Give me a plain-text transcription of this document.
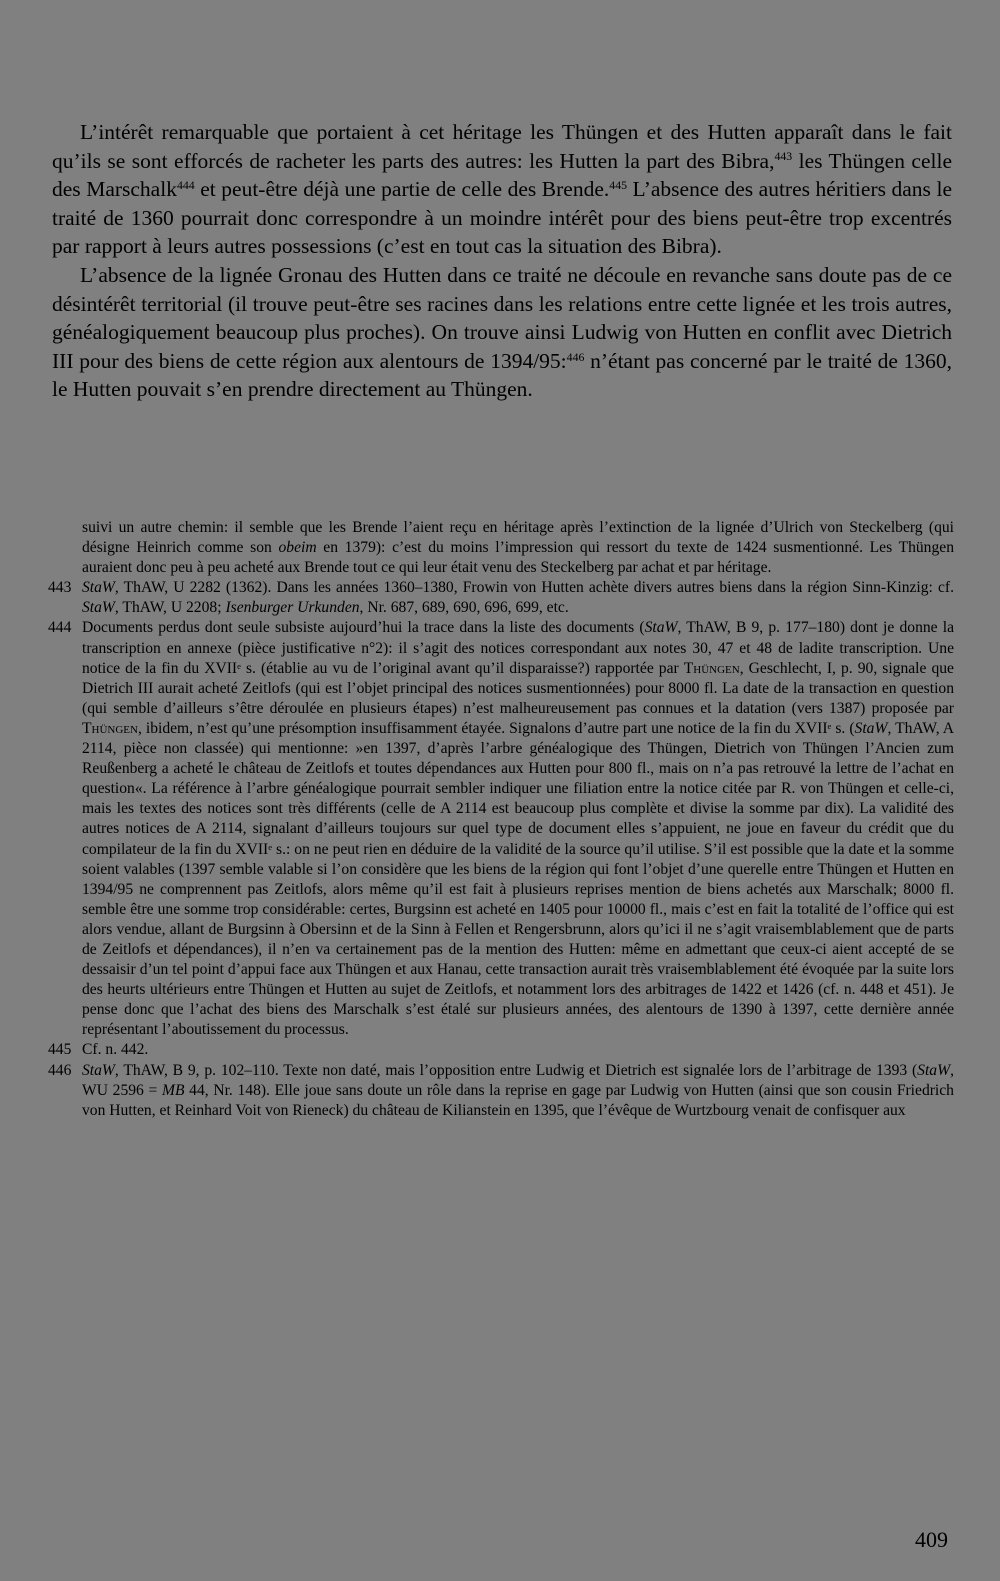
L’intérêt remarquable que portaient à cet héritage les Thüngen et des Hutten apparaît dans le fait qu’ils se sont efforcés de racheter les parts des autres: les Hutten la part des Bibra,$^{443}$ les Thüngen celle des Marschalk$^{444}$ et peut-être déjà une partie de celle des Brende.$^{445}$ L’absence des autres héritiers dans le traité de 1360 pourrait donc correspondre à un moindre intérêt pour des biens peut-être trop excentrés par rapport à leurs autres possessions (c’est en tout cas la situation des Bibra).

L’absence de la lignée Gronau des Hutten dans ce traité ne découle en revanche sans doute pas de ce désintérêt territorial (il trouve peut-être ses racines dans les relations entre cette lignée et les trois autres, généalogiquement beaucoup plus proches). On trouve ainsi Ludwig von Hutten en conflit avec Dietrich III pour des biens de cette région aux alentours de 1394/95:$^{446}$ n’étant pas concerné par le traité de 1360, le Hutten pouvait s’en prendre directement au Thüngen.

suivi un autre chemin: il semble que les Brende l’aient reçu en héritage après l’extinction de la lignée d’Ulrich von Steckelberg (qui désigne Heinrich comme son obeim en 1379): c’est du moins l’impression qui ressort du texte de 1424 susmentionné. Les Thüngen auraient donc peu à peu acheté aux Brende tout ce qui leur était venu des Steckelberg par achat et par héritage.

443 StaW, ThAW, U 2282 (1362). Dans les années 1360–1380, Frowin von Hutten achète divers autres biens dans la région Sinn-Kinzig: cf. StaW, ThAW, U 2208; Isenburger Urkunden, Nr. 687, 689, 690, 696, 699, etc.

444 Documents perdus dont seule subsiste aujourd’hui la trace dans la liste des documents (StaW, ThAW, B 9, p. 177–180) dont je donne la transcription en annexe (pièce justificative n°2): il s’agit des notices correspondant aux notes 30, 47 et 48 de ladite transcription. Une notice de la fin du XVIIe s. (établie au vu de l’original avant qu’il disparaisse?) rapportée par Thüngen, Geschlecht, I, p. 90, signale que Dietrich III aurait acheté Zeitlofs (qui est l’objet principal des notices susmentionnées) pour 8000 fl. La date de la transaction en question (qui semble d’ailleurs s’être déroulée en plusieurs étapes) n’est malheureusement pas connues et la datation (vers 1387) proposée par Thüngen, ibidem, n’est qu’une présomption insuffisamment étayée. Signalons d’autre part une notice de la fin du XVIIe s. (StaW, ThAW, A 2114, pièce non classée) qui mentionne: »en 1397, d’après l’arbre généalogique des Thüngen, Dietrich von Thüngen l’Ancien zum Reußenberg a acheté le château de Zeitlofs et toutes dépendances aux Hutten pour 800 fl., mais on n’a pas retrouvé la lettre de l’achat en question«. La référence à l’arbre généalogique pourrait sembler indiquer une filiation entre la notice citée par R. von Thüngen et celle-ci, mais les textes des notices sont très différents (celle de A 2114 est beaucoup plus complète et divise la somme par dix). La validité des autres notices de A 2114, signalant d’ailleurs toujours sur quel type de document elles s’appuient, ne joue en faveur du crédit que du compilateur de la fin du XVIIe s.: on ne peut rien en déduire de la validité de la source qu’il utilise. S’il est possible que la date et la somme soient valables (1397 semble valable si l’on considère que les biens de la région qui font l’objet d’une querelle entre Thüngen et Hutten en 1394/95 ne comprennent pas Zeitlofs, alors même qu’il est fait à plusieurs reprises mention de biens achetés aux Marschalk; 8000 fl. semble être une somme trop considérable: certes, Burgsinn est acheté en 1405 pour 10000 fl., mais c’est en fait la totalité de l’office qui est alors vendue, allant de Burgsinn à Obersinn et de la Sinn à Fellen et Rengersbrunn, alors qu’ici il ne s’agit vraisemblablement que de parts de Zeitlofs et dépendances), il n’en va certainement pas de la mention des Hutten: même en admettant que ceux-ci aient accepté de se dessaisir d’un tel point d’appui face aux Thüngen et aux Hanau, cette transaction aurait très vraisemblablement été évoquée par la suite lors des heurts ultérieurs entre Thüngen et Hutten au sujet de Zeitlofs, et notamment lors des arbitrages de 1422 et 1426 (cf. n. 448 et 451). Je pense donc que l’achat des biens des Marschalk s’est étalé sur plusieurs années, des alentours de 1390 à 1397, cette dernière année représentant l’aboutissement du processus.

445 Cf. n. 442.

446 StaW, ThAW, B 9, p. 102–110. Texte non daté, mais l’opposition entre Ludwig et Dietrich est signalée lors de l’arbitrage de 1393 (StaW, WU 2596 = MB 44, Nr. 148). Elle joue sans doute un rôle dans la reprise en gage par Ludwig von Hutten (ainsi que son cousin Friedrich von Hutten, et Reinhard Voit von Rieneck) du château de Kilianstein en 1395, que l’évêque de Wurtzbourg venait de confisquer aux

409
